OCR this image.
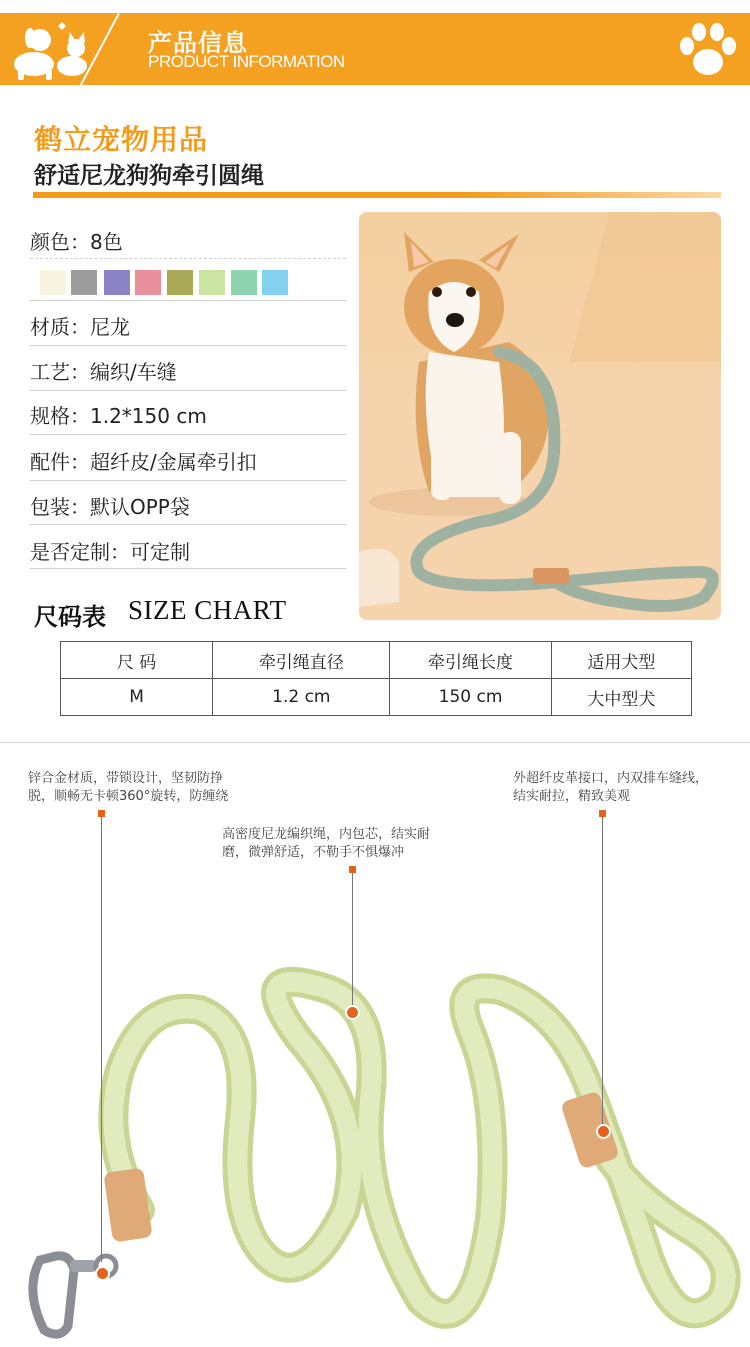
产品信息
PRODUCT INFORMATION
鹤立宠物用品
舒适尼龙狗狗牵引圆绳
颜色：8色
材质：尼龙
工艺：编织/车缝
规格：1.2*150 cm
配件：超纤皮/金属牵引扣
包装：默认OPP袋
是否定制：可定制
尺码表 SIZE CHART
尺 码	牵引绳直径	牵引绳长度	适用犬型
M	1.2 cm	150 cm	大中型犬
锌合金材质，带锁设计，坚韧防挣脱，顺畅无卡顿360°旋转，防缠绕
高密度尼龙编织绳，内包芯，结实耐磨，微弹舒适，不勒手不惧爆冲
外超纤皮革接口，内双排车缝线，结实耐拉，精致美观
